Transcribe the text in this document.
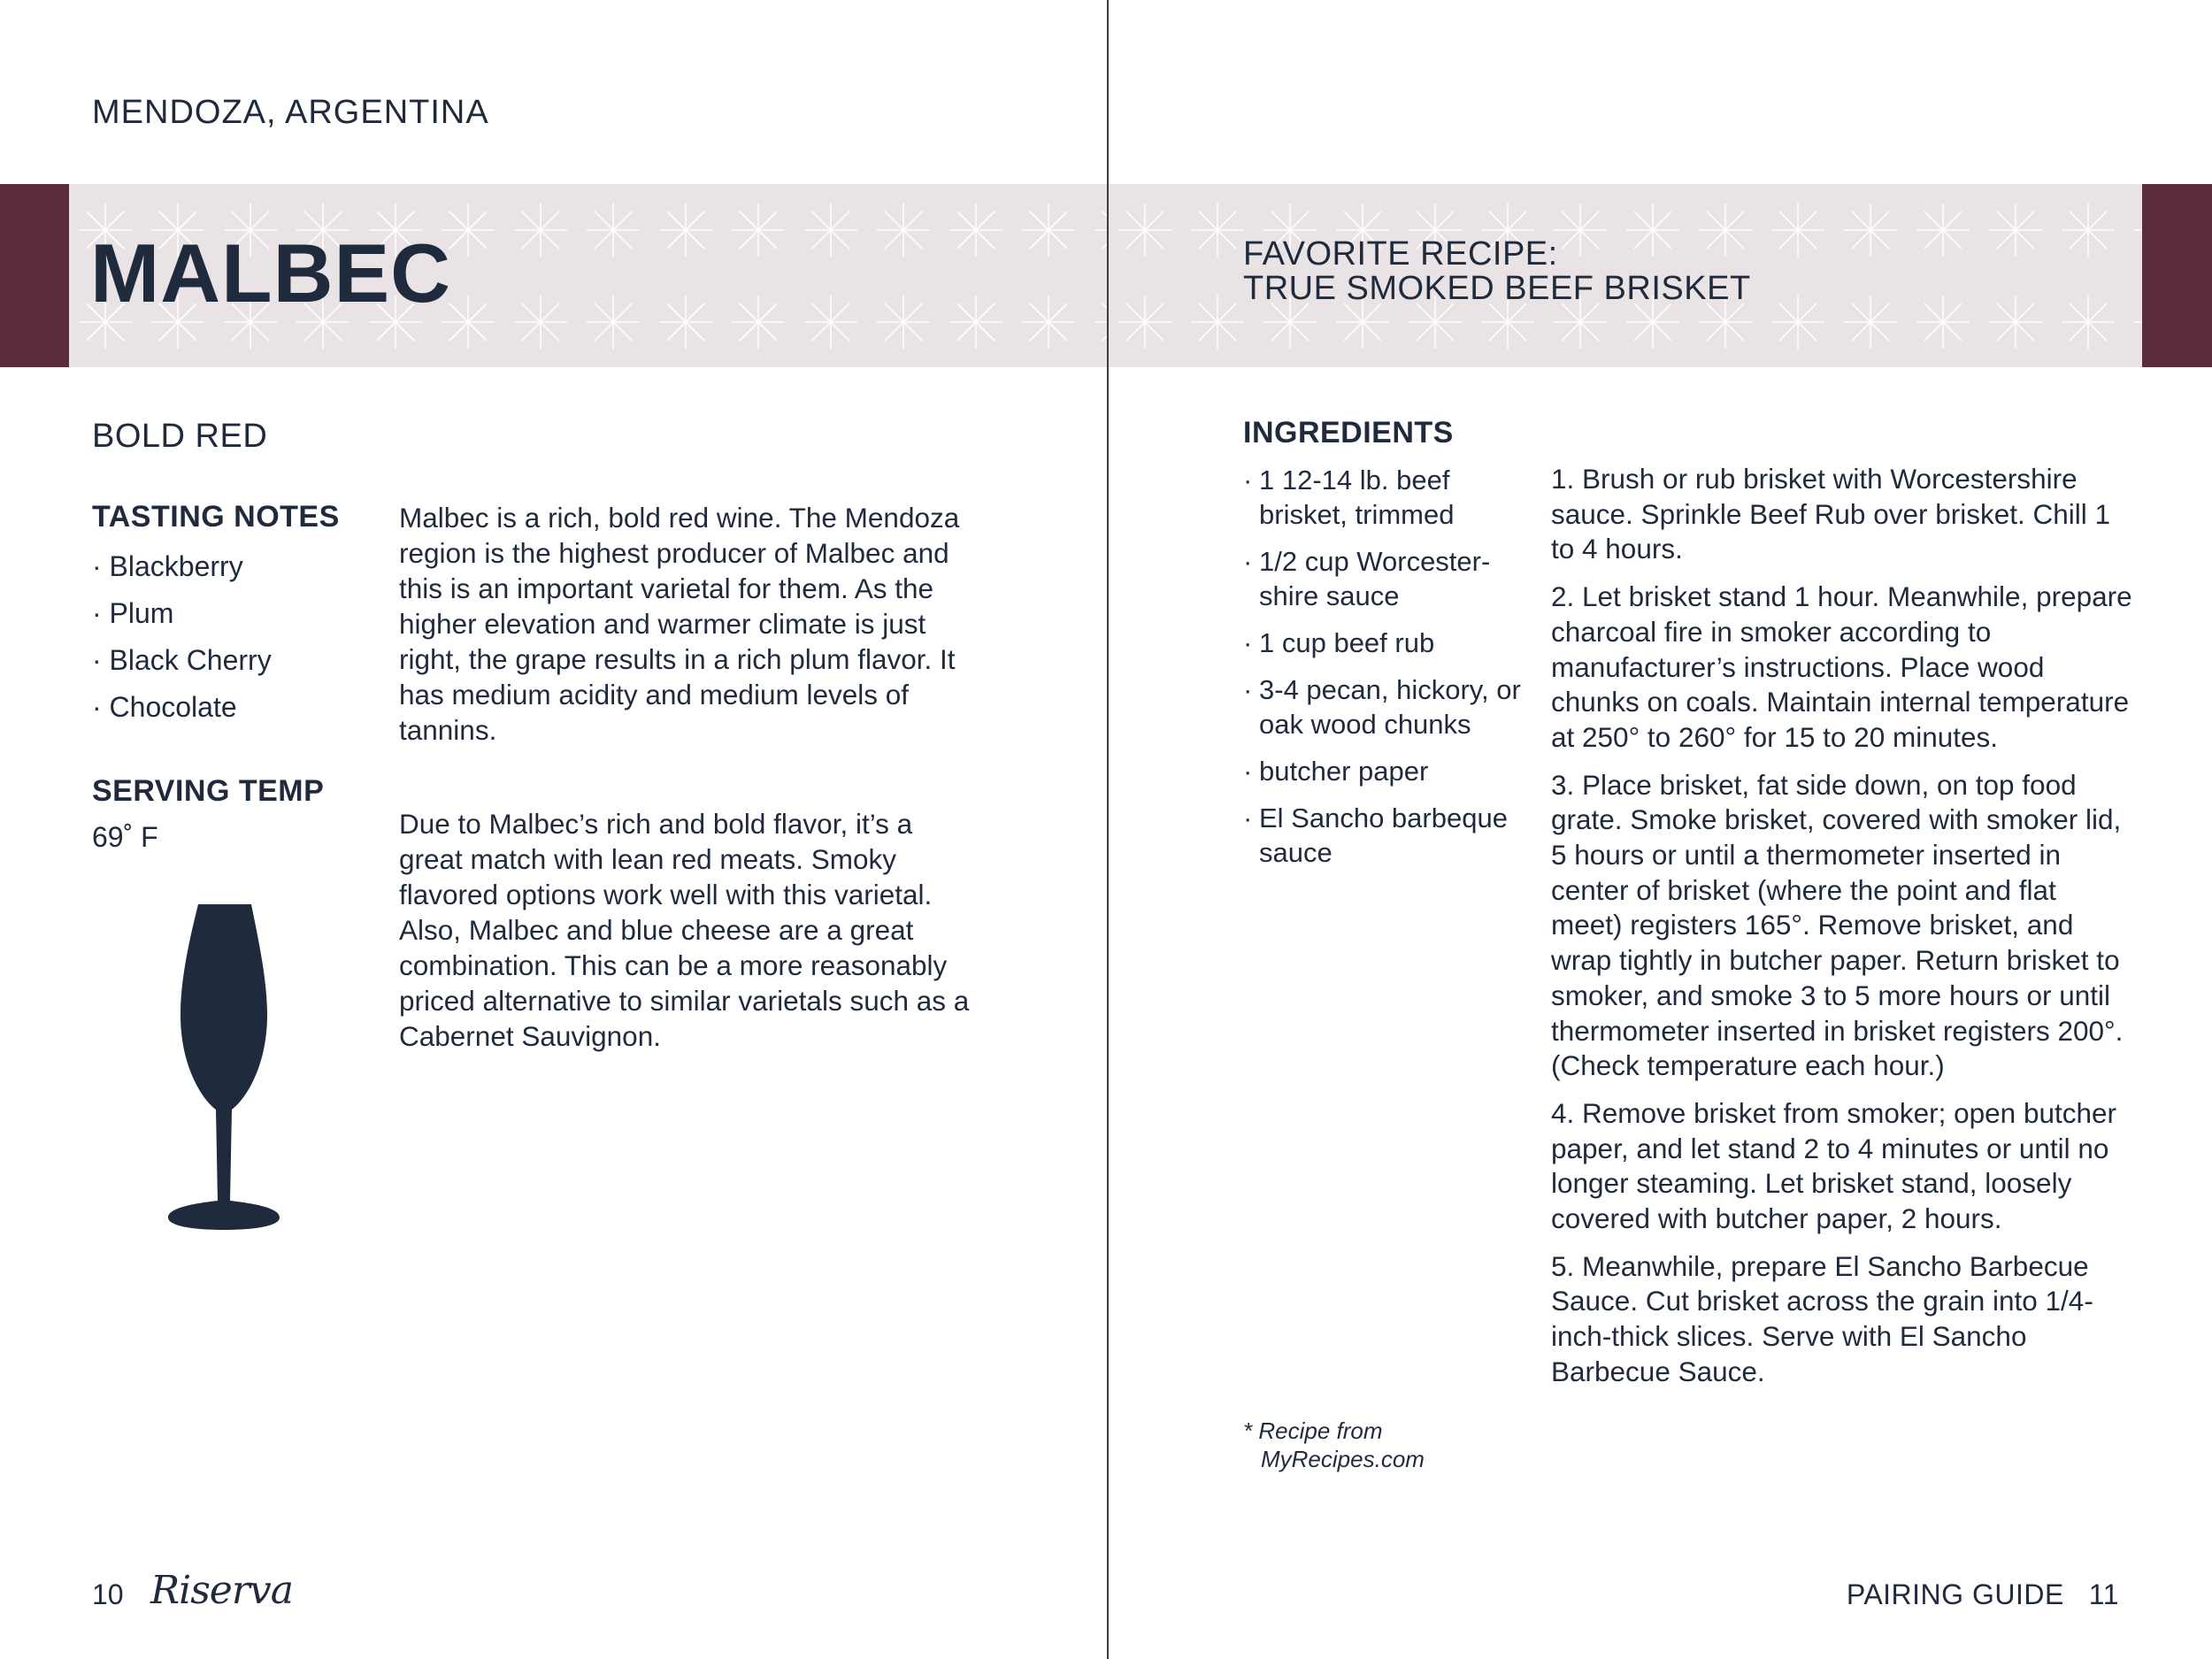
MENDOZA, ARGENTINA
MALBEC
BOLD RED
TASTING NOTES
· Blackberry
· Plum
· Black Cherry
· Chocolate
SERVING TEMP
69˚ F
Malbec is a rich, bold red wine. The Mendoza region is the highest producer of Malbec and this is an important varietal for them. As the higher elevation and warmer climate is just right, the grape results in a rich plum flavor. It has medium acidity and medium levels of tannins.
Due to Malbec’s rich and bold flavor, it’s a great match with lean red meats. Smoky flavored options work well with this varietal. Also, Malbec and blue cheese are a great combination. This can be a more reasonably priced alternative to similar varietals such as a Cabernet Sauvignon.
10 Riserva
FAVORITE RECIPE:
TRUE SMOKED BEEF BRISKET
INGREDIENTS
· 1 12-14 lb. beef brisket, trimmed
· 1/2 cup Worcester-shire sauce
· 1 cup beef rub
· 3-4 pecan, hickory, or oak wood chunks
· butcher paper
· El Sancho barbeque sauce

1. Brush or rub brisket with Worcestershire sauce. Sprinkle Beef Rub over brisket. Chill 1 to 4 hours.

2. Let brisket stand 1 hour. Meanwhile, prepare charcoal fire in smoker according to manufacturer’s instructions. Place wood chunks on coals. Maintain internal temperature at 250° to 260° for 15 to 20 minutes.

3. Place brisket, fat side down, on top food grate. Smoke brisket, covered with smoker lid, 5 hours or until a thermometer inserted in center of brisket (where the point and flat meet) registers 165°. Remove brisket, and wrap tightly in butcher paper. Return brisket to smoker, and smoke 3 to 5 more hours or until thermometer inserted in brisket registers 200°. (Check temperature each hour.)

4. Remove brisket from smoker; open butcher paper, and let stand 2 to 4 minutes or until no longer steaming. Let brisket stand, loosely covered with butcher paper, 2 hours.

5. Meanwhile, prepare El Sancho Barbecue Sauce. Cut brisket across the grain into 1/4-inch-thick slices. Serve with El Sancho Barbecue Sauce.

* Recipe from
MyRecipes.com
PAIRING GUIDE 11
